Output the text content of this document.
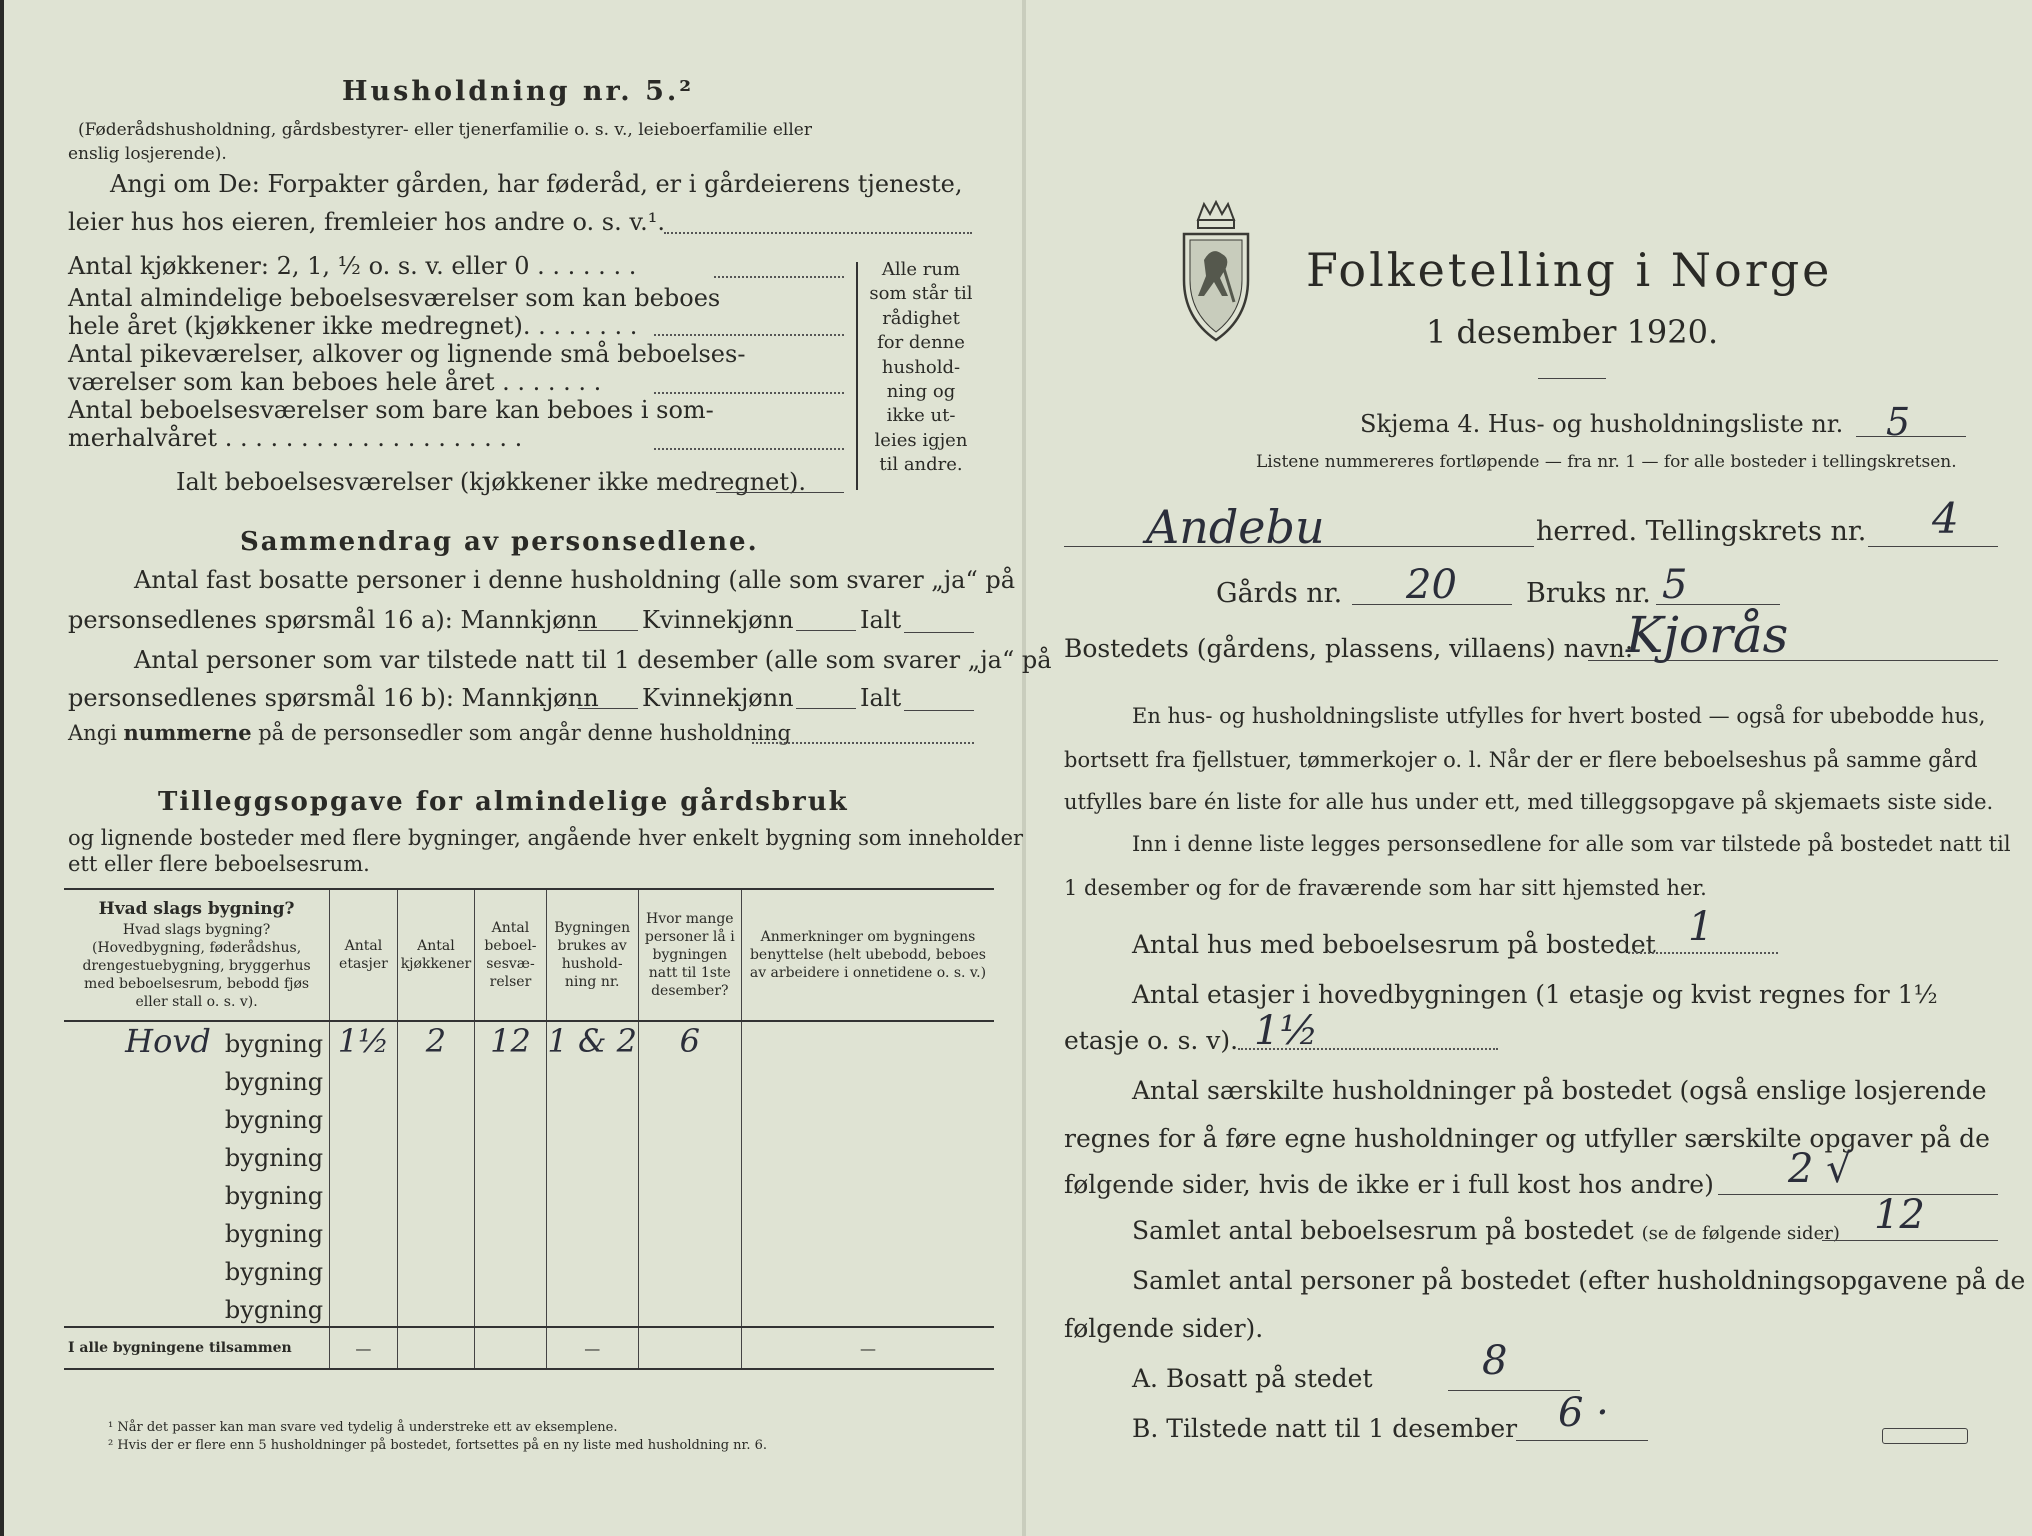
Husholdning nr. 5.²
(Føderådshusholdning, gårdsbestyrer- eller tjenerfamilie o. s. v., leieboerfamilie eller
enslig losjerende).
Angi om De: Forpakter gården, har føderåd, er i gårdeierens tjeneste,
leier hus hos eieren, fremleier hos andre o. s. v.¹.
Antal kjøkkener: 2, 1, ½ o. s. v. eller 0 . . . . . . .
Antal almindelige beboelsesværelser som kan beboes
hele året (kjøkkener ikke medregnet). . . . . . . .
Antal pikeværelser, alkover og lignende små beboelses-
værelser som kan beboes hele året . . . . . . .
Antal beboelsesværelser som bare kan beboes i som-
merhalvåret . . . . . . . . . . . . . . . . . . . .
Ialt beboelsesværelser (kjøkkener ikke medregnet).
Alle rum
som står til
rådighet
for denne
hushold-
ning og
ikke ut-
leies igjen
til andre.
Sammendrag av personsedlene.
Antal fast bosatte personer i denne husholdning (alle som svarer „ja“ på
personsedlenes spørsmål 16 a): Mannkjønn Kvinnekjønn	Ialt
Antal personer som var tilstede natt til 1 desember (alle som svarer „ja“ på
personsedlenes spørsmål 16 b): Mannkjønn Kvinnekjønn	Ialt
Angi nummerne på de personsedler som angår denne husholdning
Tilleggsopgave for almindelige gårdsbruk
og lignende bosteder med flere bygninger, angående hver enkelt bygning som inneholder
ett eller flere beboelsesrum.
Hvad slags bygning?
Hvad slags bygning? (Hovedbygning, føderådshus, drengestuebygning, bryggerhus med beboelsesrum, bebodd fjøs eller stall o. s. v).	Antal etasjer	Antal kjøkkener	Antal beboel-sesvæ-relser	Bygningen brukes av hushold-ning nr.	Hvor mange personer lå i bygningen natt til 1ste desember?	Anmerkninger om bygningens benyttelse (helt ubebodd, beboes av arbeidere i onnetidene o. s. v.)
Hovd bygning	1½	2	12	1 & 2	6	
bygning						
bygning						
bygning						
bygning						
bygning						
bygning						
bygning						
I alle bygningene tilsammen	—			—		—
¹ Når det passer kan man svare ved tydelig å understreke ett av eksemplene.
² Hvis der er flere enn 5 husholdninger på bostedet, fortsettes på en ny liste med husholdning nr. 6.
Folketelling i Norge
1 desember 1920.
Skjema 4. Hus- og husholdningsliste nr. 5
Listene nummereres fortløpende — fra nr. 1 — for alle bosteder i tellingskretsen.
Andebu	herred. Tellingskrets nr. 4
Gårds nr. 20	Bruks nr. 5
Bostedets (gårdens, plassens, villaens) navn:
Kjorås
En hus- og husholdningsliste utfylles for hvert bosted — også for ubebodde hus,
bortsett fra fjellstuer, tømmerkojer o. l. Når der er flere beboelseshus på samme gård
utfylles bare én liste for alle hus under ett, med tilleggsopgave på skjemaets siste side.
Inn i denne liste legges personsedlene for alle som var tilstede på bostedet natt til
1 desember og for de fraværende som har sitt hjemsted her.
Antal hus med beboelsesrum på bostedet 1
Antal etasjer i hovedbygningen (1 etasje og kvist regnes for 1½
etasje o. s. v). 1½
Antal særskilte husholdninger på bostedet (også enslige losjerende
regnes for å føre egne husholdninger og utfyller særskilte opgaver på de
følgende sider, hvis de ikke er i full kost hos andre) 2 √
Samlet antal beboelsesrum på bostedet (se de følgende sider) 12
Samlet antal personer på bostedet (efter husholdningsopgavene på de
følgende sider).
A. Bosatt på stedet	8
B. Tilstede natt til 1 desember 6 ·
